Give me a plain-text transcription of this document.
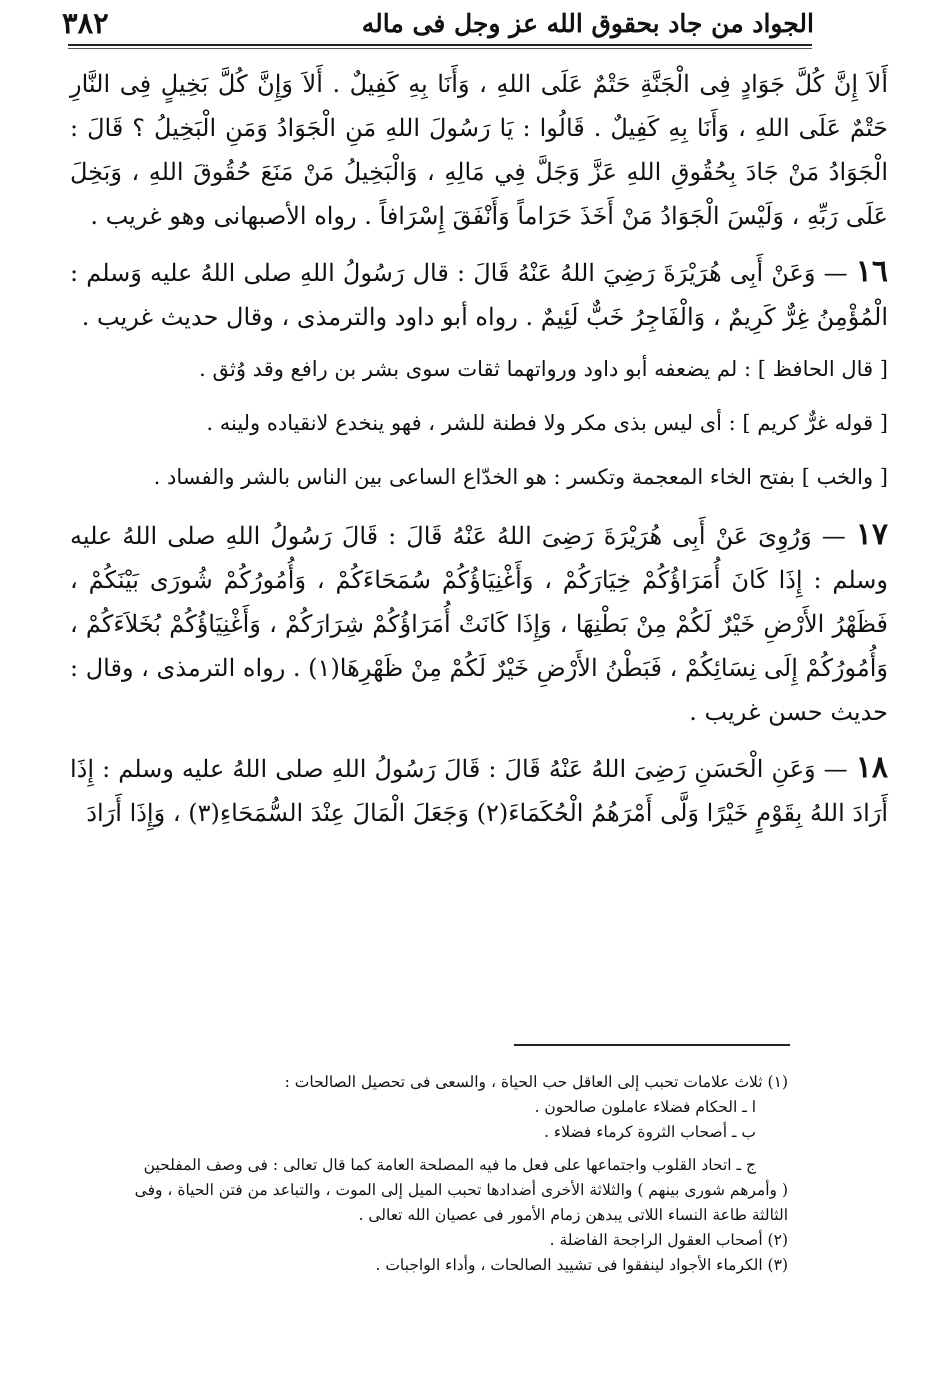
٣٨٢	الجواد من جاد بحقوق الله عز وجل فى ماله

أَلاَ إِنَّ كُلَّ جَوَادٍ فِى الْجَنَّةِ حَتْمٌ عَلَى اللهِ ، وَأَنَا بِهِ كَفِيلٌ . أَلاَ وَإِنَّ كُلَّ بَخِيلٍ فِى النَّارِ حَتْمٌ عَلَى اللهِ ، وَأَنَا بِهِ كَفِيلٌ . قَالُوا : يَا رَسُولَ اللهِ مَنِ الْجَوَادُ وَمَنِ الْبَخِيلُ ؟ قَالَ : الْجَوَادُ مَنْ جَادَ بِحُقُوقِ اللهِ عَزَّ وَجَلَّ فِي مَالِهِ ، وَالْبَخِيلُ مَنْ مَنَعَ حُقُوقَ اللهِ ، وَبَخِلَ عَلَى رَبِّهِ ، وَلَيْسَ الْجَوَادُ مَنْ أَخَذَ حَرَاماً وَأَنْفَقَ إِسْرَافاً . رواه الأصبهانى وهو غريب .

١٦ — وَعَنْ أَبِى هُرَيْرَةَ رَضِيَ اللهُ عَنْهُ قَالَ : قال رَسُولُ اللهِ صلى اللهُ عليه وَسلم : الْمُؤْمِنُ غِرٌّ كَرِيمٌ ، وَالْفَاجِرُ خَبٌّ لَئِيمٌ . رواه أبو داود والترمذى ، وقال حديث غريب .

[ قال الحافظ ] : لم يضعفه أبو داود ورواتهما ثقات سوى بشر بن رافع وقد وُثق .

[ قوله غرٌّ كريم ] : أى ليس بذى مكر ولا فطنة للشر ، فهو ينخدع لانقياده ولينه .

[ والخب ] بفتح الخاء المعجمة وتكسر : هو الخدّاع الساعى بين الناس بالشر والفساد .

١٧ — وَرُوِىَ عَنْ أَبِى هُرَيْرَةَ رَضِىَ اللهُ عَنْهُ قَالَ : قَالَ رَسُولُ اللهِ صلى اللهُ عليه وسلم : إِذَا كَانَ أُمَرَاؤُكُمْ خِيَارَكُمْ ، وَأَغْنِيَاؤُكُمْ سُمَحَاءَكُمْ ، وَأُمُورُكُمْ شُورَى بَيْنَكُمْ ، فَظَهْرُ الأَرْضِ خَيْرٌ لَكُمْ مِنْ بَطْنِهَا ، وَإِذَا كَانَتْ أُمَرَاؤُكُمْ شِرَارَكُمْ ، وَأَغْنِيَاؤُكُمْ بُخَلاَءَكُمْ ، وَأُمُورُكُمْ إِلَى نِسَائِكُمْ ، فَبَطْنُ الأَرْضِ خَيْرٌ لَكُمْ مِنْ ظَهْرِهَا(١) . رواه الترمذى ، وقال : حديث حسن غريب .

١٨ — وَعَنِ الْحَسَنِ رَضِىَ اللهُ عَنْهُ قَالَ : قَالَ رَسُولُ اللهِ صلى اللهُ عليه وسلم : إِذَا أَرَادَ اللهُ بِقَوْمٍ خَيْرًا وَلَّى أَمْرَهُمُ الْحُكَمَاءَ(٢) وَجَعَلَ الْمَالَ عِنْدَ السُّمَحَاءِ(٣) ، وَإِذَا أَرَادَ

(١) ثلاث علامات تحبب إلى العاقل حب الحياة ، والسعى فى تحصيل الصالحات :

ا ـ الحكام فضلاء عاملون صالحون .

ب ـ أصحاب الثروة كرماء فضلاء .

ج ـ اتحاد القلوب واجتماعها على فعل ما فيه المصلحة العامة كما قال تعالى : فى وصف المفلحين

( وأمرهم شورى بينهم ) والثلاثة الأخرى أضدادها تحبب الميل إلى الموت ، والتباعد من فتن الحياة ، وفى

الثالثة طاعة النساء اللاتى يبدهن زمام الأمور فى عصيان الله تعالى .

(٢) أصحاب العقول الراجحة الفاضلة .

(٣) الكرماء الأجواد لينفقوا فى تشييد الصالحات ، وأداء الواجبات .
